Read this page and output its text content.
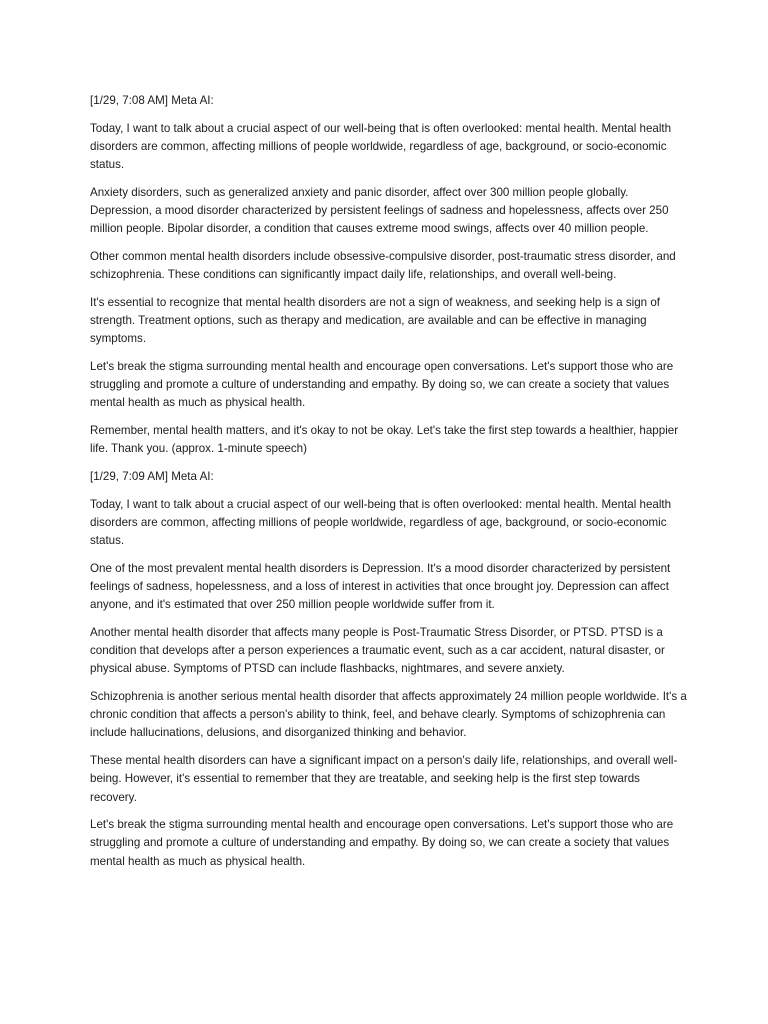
[1/29, 7:08 AM] Meta AI:

Today, I want to talk about a crucial aspect of our well-being that is often overlooked: mental health. Mental health disorders are common, affecting millions of people worldwide, regardless of age, background, or socio-economic status.

Anxiety disorders, such as generalized anxiety and panic disorder, affect over 300 million people globally. Depression, a mood disorder characterized by persistent feelings of sadness and hopelessness, affects over 250 million people. Bipolar disorder, a condition that causes extreme mood swings, affects over 40 million people.

Other common mental health disorders include obsessive-compulsive disorder, post-traumatic stress disorder, and schizophrenia. These conditions can significantly impact daily life, relationships, and overall well-being.

It's essential to recognize that mental health disorders are not a sign of weakness, and seeking help is a sign of strength. Treatment options, such as therapy and medication, are available and can be effective in managing symptoms.

Let's break the stigma surrounding mental health and encourage open conversations. Let's support those who are struggling and promote a culture of understanding and empathy. By doing so, we can create a society that values mental health as much as physical health.

Remember, mental health matters, and it's okay to not be okay. Let's take the first step towards a healthier, happier life. Thank you. (approx. 1-minute speech)

[1/29, 7:09 AM] Meta AI:

Today, I want to talk about a crucial aspect of our well-being that is often overlooked: mental health. Mental health disorders are common, affecting millions of people worldwide, regardless of age, background, or socio-economic status.

One of the most prevalent mental health disorders is Depression. It's a mood disorder characterized by persistent feelings of sadness, hopelessness, and a loss of interest in activities that once brought joy. Depression can affect anyone, and it's estimated that over 250 million people worldwide suffer from it.

Another mental health disorder that affects many people is Post-Traumatic Stress Disorder, or PTSD. PTSD is a condition that develops after a person experiences a traumatic event, such as a car accident, natural disaster, or physical abuse. Symptoms of PTSD can include flashbacks, nightmares, and severe anxiety.

Schizophrenia is another serious mental health disorder that affects approximately 24 million people worldwide. It's a chronic condition that affects a person's ability to think, feel, and behave clearly. Symptoms of schizophrenia can include hallucinations, delusions, and disorganized thinking and behavior.

These mental health disorders can have a significant impact on a person's daily life, relationships, and overall well-being. However, it's essential to remember that they are treatable, and seeking help is the first step towards recovery.

Let's break the stigma surrounding mental health and encourage open conversations. Let's support those who are struggling and promote a culture of understanding and empathy. By doing so, we can create a society that values mental health as much as physical health.
